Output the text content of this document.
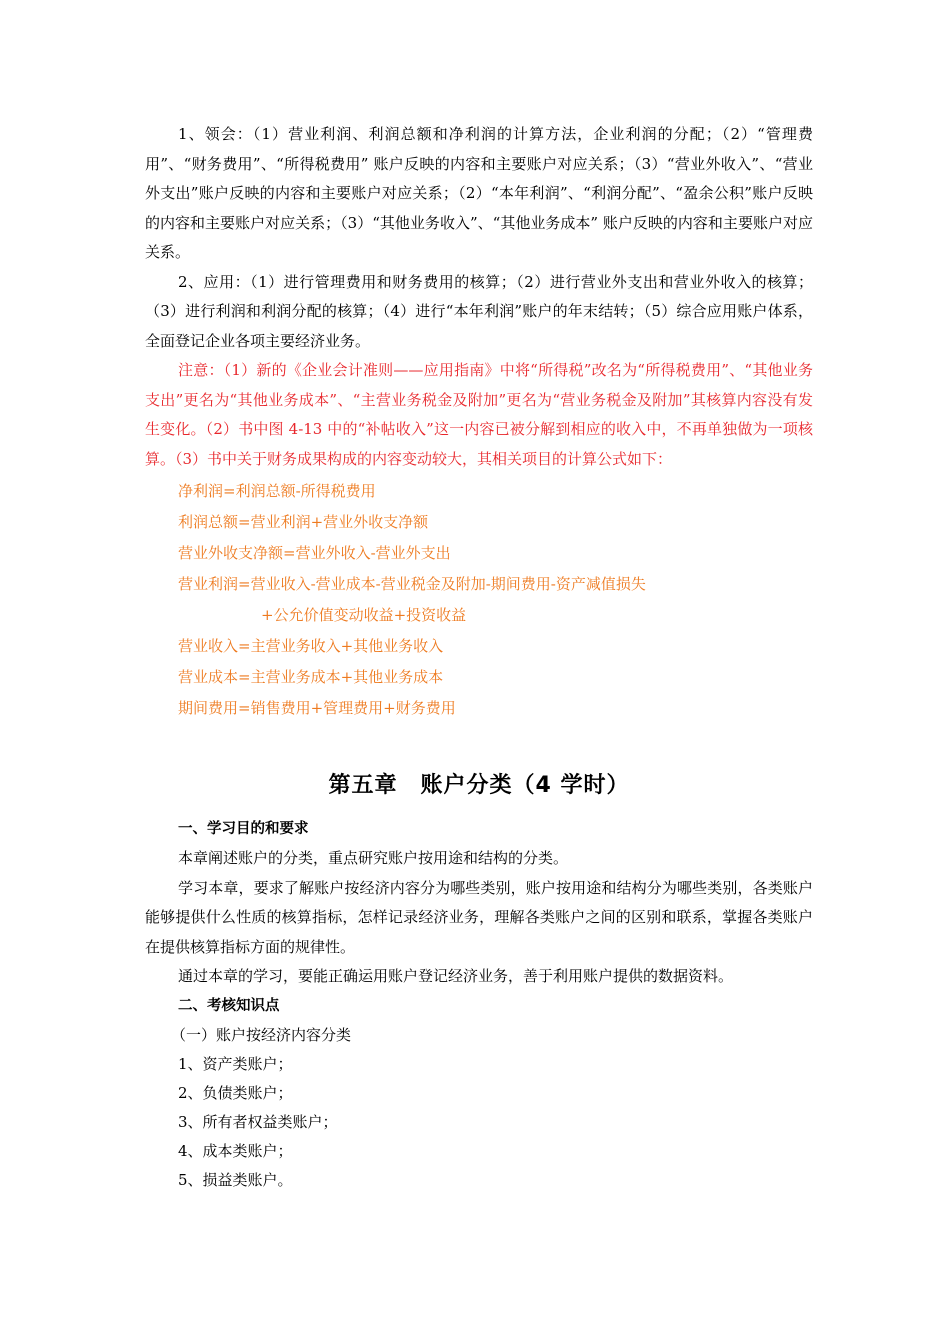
1、领会：（1）营业利润、利润总额和净利润的计算方法，企业利润的分配；（2）“管理费用”、“财务费用”、“所得税费用” 账户反映的内容和主要账户对应关系；（3）“营业外收入”、“营业外支出”账户反映的内容和主要账户对应关系；（2）“本年利润”、“利润分配”、“盈余公积”账户反映的内容和主要账户对应关系；（3）“其他业务收入”、“其他业务成本” 账户反映的内容和主要账户对应关系。

2、应用：（1）进行管理费用和财务费用的核算；（2）进行营业外支出和营业外收入的核算；（3）进行利润和利润分配的核算；（4）进行“本年利润”账户的年末结转；（5）综合应用账户体系，全面登记企业各项主要经济业务。

注意：（1）新的《企业会计准则——应用指南》中将“所得税”改名为“所得税费用”、“其他业务支出”更名为“其他业务成本”、“主营业务税金及附加”更名为“营业务税金及附加”其核算内容没有发生变化。（2）书中图 4-13 中的“补帖收入”这一内容已被分解到相应的收入中，不再单独做为一项核算。（3）书中关于财务成果构成的内容变动较大，其相关项目的计算公式如下：

净利润=利润总额-所得税费用

利润总额=营业利润+营业外收支净额

营业外收支净额=营业外收入-营业外支出

营业利润=营业收入-营业成本-营业税金及附加-期间费用-资产减值损失

+公允价值变动收益+投资收益

营业收入=主营业务收入+其他业务收入

营业成本=主营业务成本+其他业务成本

期间费用=销售费用+管理费用+财务费用

第五章　账户分类（4 学时）

一、学习目的和要求

本章阐述账户的分类，重点研究账户按用途和结构的分类。

学习本章，要求了解账户按经济内容分为哪些类别，账户按用途和结构分为哪些类别，各类账户能够提供什么性质的核算指标，怎样记录经济业务，理解各类账户之间的区别和联系，掌握各类账户在提供核算指标方面的规律性。

通过本章的学习，要能正确运用账户登记经济业务，善于利用账户提供的数据资料。

二、考核知识点

（一）账户按经济内容分类

1、资产类账户；

2、负债类账户；

3、所有者权益类账户；

4、成本类账户；

5、损益类账户。
